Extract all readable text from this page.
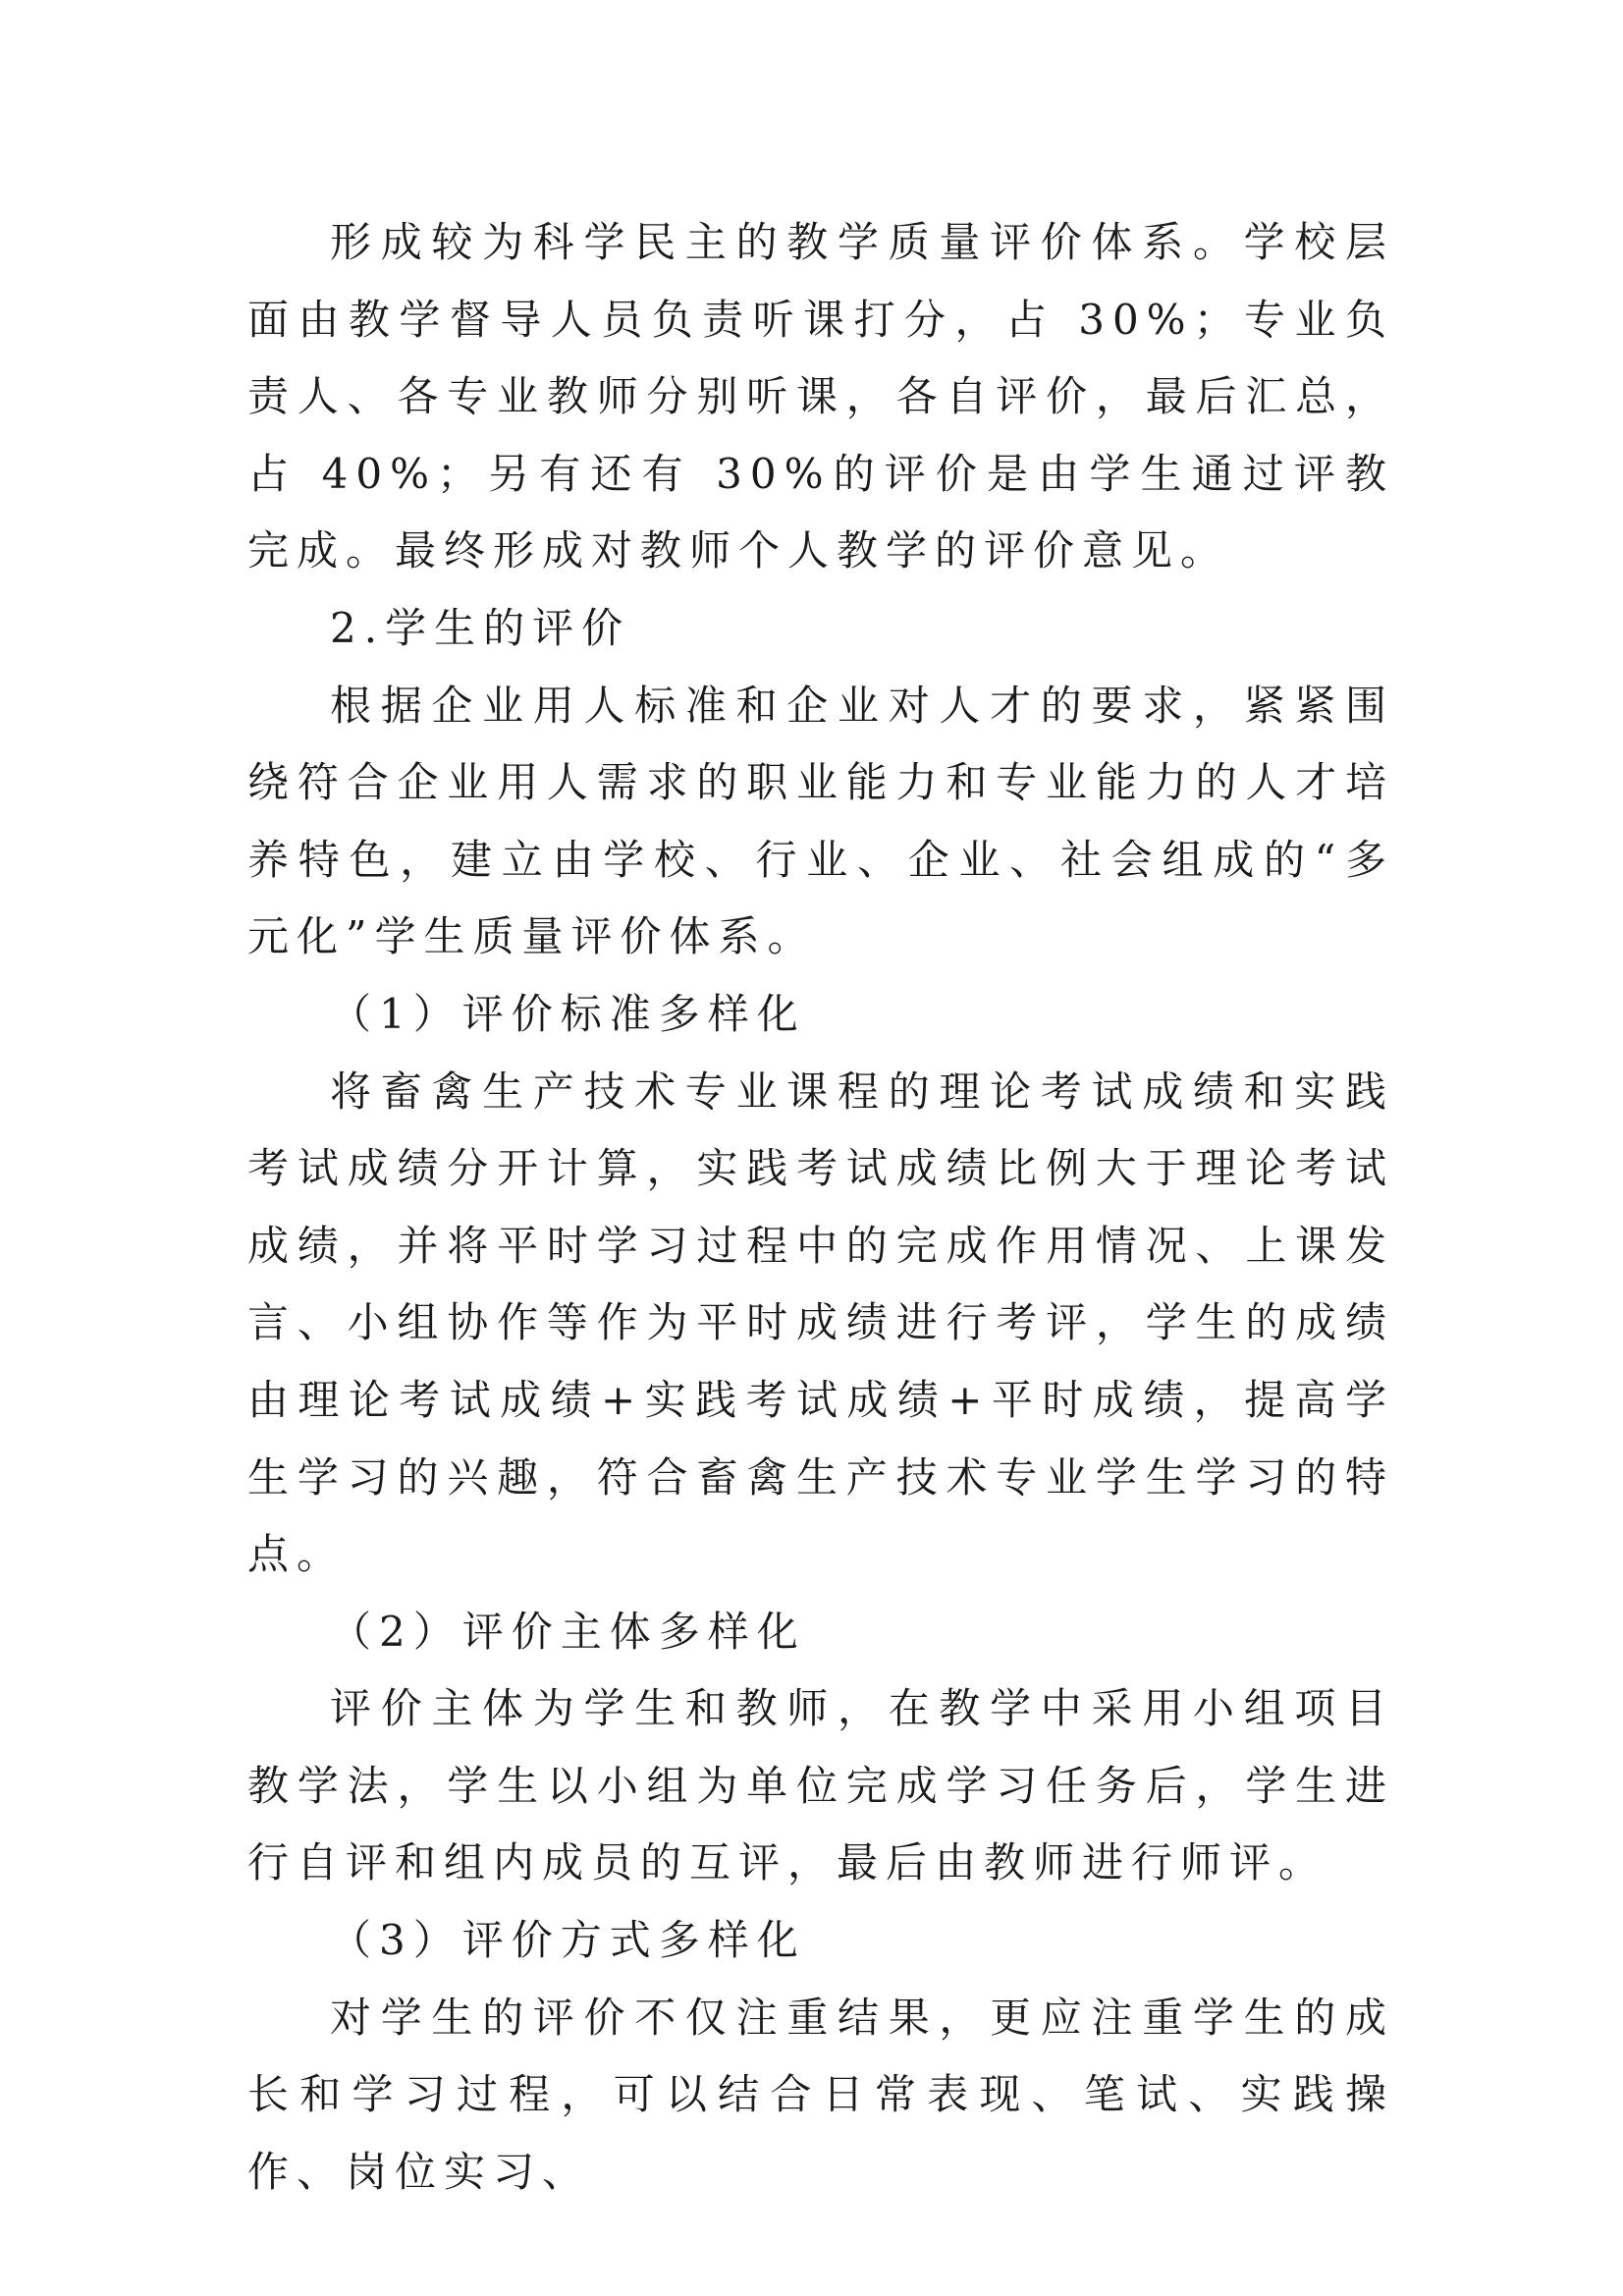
形成较为科学民主的教学质量评价体系。学校层面由教学督导人员负责听课打分，占 30%；专业负责人、各专业教师分别听课，各自评价，最后汇总，占 40%；另有还有 30%的评价是由学生通过评教完成。最终形成对教师个人教学的评价意见。

2.学生的评价

根据企业用人标准和企业对人才的要求，紧紧围绕符合企业用人需求的职业能力和专业能力的人才培养特色，建立由学校、行业、企业、社会组成的“多元化”学生质量评价体系。

（1）评价标准多样化

将畜禽生产技术专业课程的理论考试成绩和实践考试成绩分开计算，实践考试成绩比例大于理论考试成绩，并将平时学习过程中的完成作用情况、上课发言、小组协作等作为平时成绩进行考评，学生的成绩由理论考试成绩+实践考试成绩+平时成绩，提高学生学习的兴趣，符合畜禽生产技术专业学生学习的特点。

（2）评价主体多样化

评价主体为学生和教师，在教学中采用小组项目教学法，学生以小组为单位完成学习任务后，学生进行自评和组内成员的互评，最后由教师进行师评。

（3）评价方式多样化

对学生的评价不仅注重结果，更应注重学生的成长和学习过程，可以结合日常表现、笔试、实践操作、岗位实习、
